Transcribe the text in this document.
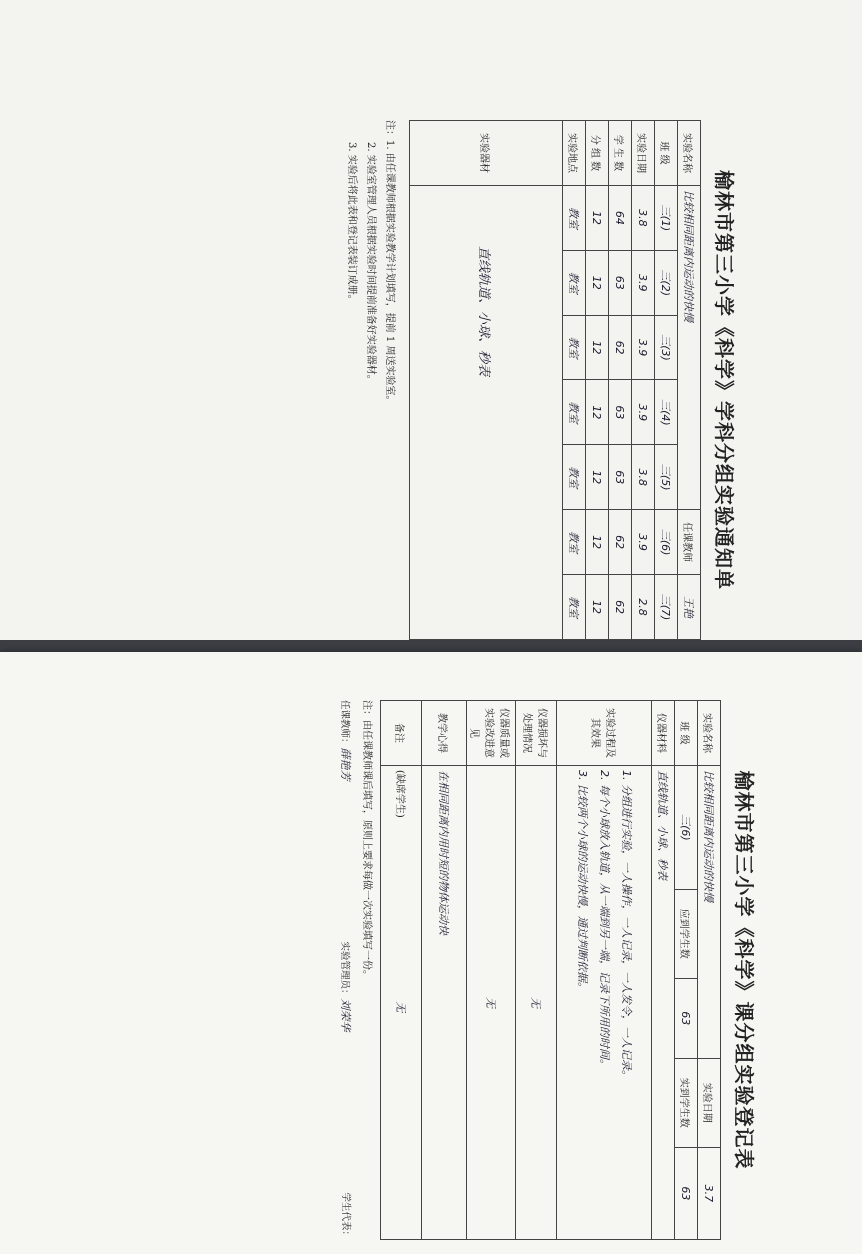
榆林市第三小学《科学》学科分组实验通知单
实验名称	比较相同距离内运动的快慢					任课教师	王艳
班 级	三(1)	三(2)	三(3)	三(4)	三(5)	三(6)	三(7)
实验日期	3.8	3.9	3.9	3.9	3.8	3.9	2.8
学 生 数	64	63	62	63	63	62	62
分 组 数	12	12	12	12	12	12	12
实验地点	教室	教室	教室	教室	教室	教室	教室
实验器材	直线轨道、小球、秒表						
注：1. 由任课教师根据实验教学计划填写，提前 1 周送实验室。
2. 实验室管理人员根据实验时间提前准备好实验器材。
3. 实验后将此表和登记表装订成册。
榆林市第三小学《科学》课分组实验登记表
实验名称	比较相同距离内运动的快慢			实验日期	3.7
班 级	三(6)	应到学生数	63	实到学生数	63
仪器材料	直线轨道、小球、秒表				
实验过程及其效果	1. 分组进行实验，一人操作，一人记录，一人发令，一人记录。
2. 每个小球放入轨道，从一端到另一端，记录下所用的时间。
3. 比较两个小球的运动快慢，通过判断依据。				

仪器损坏与处理情况	无				
仪器质量或实验改进意见	无				
教学心得	在相同距离内用时短的物体运动快				
备注	(缺席学生) 无				
注：由任课教师课后填写，原则上要求每做一次实验填写一份。
任课教师：薛艳芳
实验管理员：刘荣华
学生代表：
